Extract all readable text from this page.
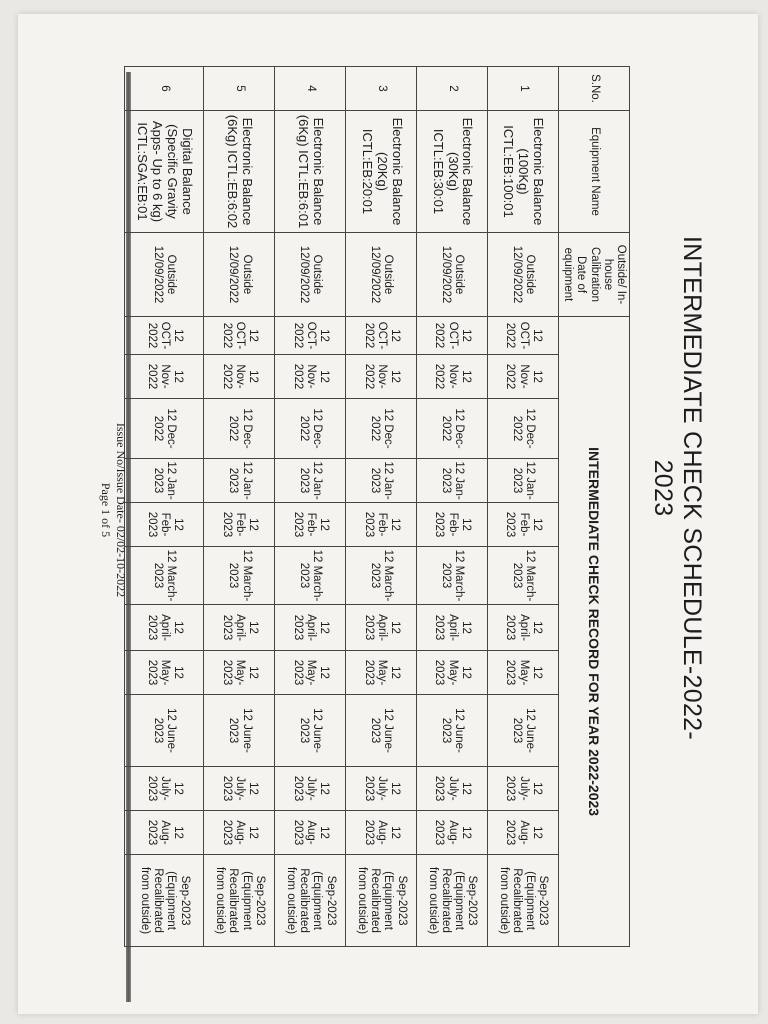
INTERMEDIATE CHECK SCHEDULE-2022-2023
S.No.	Equipment Name	Outside/ In-house Calibration Date of equipment	INTERMEDIATE CHECK RECORD FOR YEAR 2022-2023											

1	Electronic Balance (100Kg) ICTL:EB:100:01	Outside 12/09/2022	12 OCT-2022	12 Nov-2022	12 Dec-2022	12 Jan-2023	12 Feb-2023	12 March-2023	12 April-2023	12 May-2023	12 June-2023	12 July-2023	12 Aug-2023	Sep-2023 (Equipment Recalibrated from outside)
2	Electronic Balance (30Kg) ICTL:EB:30:01	Outside 12/09/2022	12 OCT-2022	12 Nov-2022	12 Dec-2022	12 Jan-2023	12 Feb-2023	12 March-2023	12 April-2023	12 May-2023	12 June-2023	12 July-2023	12 Aug-2023	Sep-2023 (Equipment Recalibrated from outside)
3	Electronic Balance (20Kg) ICTL:EB:20:01	Outside 12/09/2022	12 OCT-2022	12 Nov-2022	12 Dec-2022	12 Jan-2023	12 Feb-2023	12 March-2023	12 April-2023	12 May-2023	12 June-2023	12 July-2023	12 Aug-2023	Sep-2023 (Equipment Recalibrated from outside)
4	Electronic Balance (6Kg) ICTL:EB:6:01	Outside 12/09/2022	12 OCT-2022	12 Nov-2022	12 Dec-2022	12 Jan-2023	12 Feb-2023	12 March-2023	12 April-2023	12 May-2023	12 June-2023	12 July-2023	12 Aug-2023	Sep-2023 (Equipment Recalibrated from outside)
5	Electronic Balance (6Kg) ICTL:EB:6:02	Outside 12/09/2022	12 OCT-2022	12 Nov-2022	12 Dec-2022	12 Jan-2023	12 Feb-2023	12 March-2023	12 April-2023	12 May-2023	12 June-2023	12 July-2023	12 Aug-2023	Sep-2023 (Equipment Recalibrated from outside)
6	Digital Balance (Specific Gravity Apps- Up to 6 kg) ICTL:SGA:EB:01	Outside 12/09/2022	12 OCT-2022	12 Nov-2022	12 Dec-2022	12 Jan-2023	12 Feb-2023	12 March-2023	12 April-2023	12 May-2023	12 June-2023	12 July-2023	12 Aug-2023	Sep-2023 (Equipment Recalibrated from outside)
Issue No/Issue Date- 02/02-10-2022
Page 1 of 5
